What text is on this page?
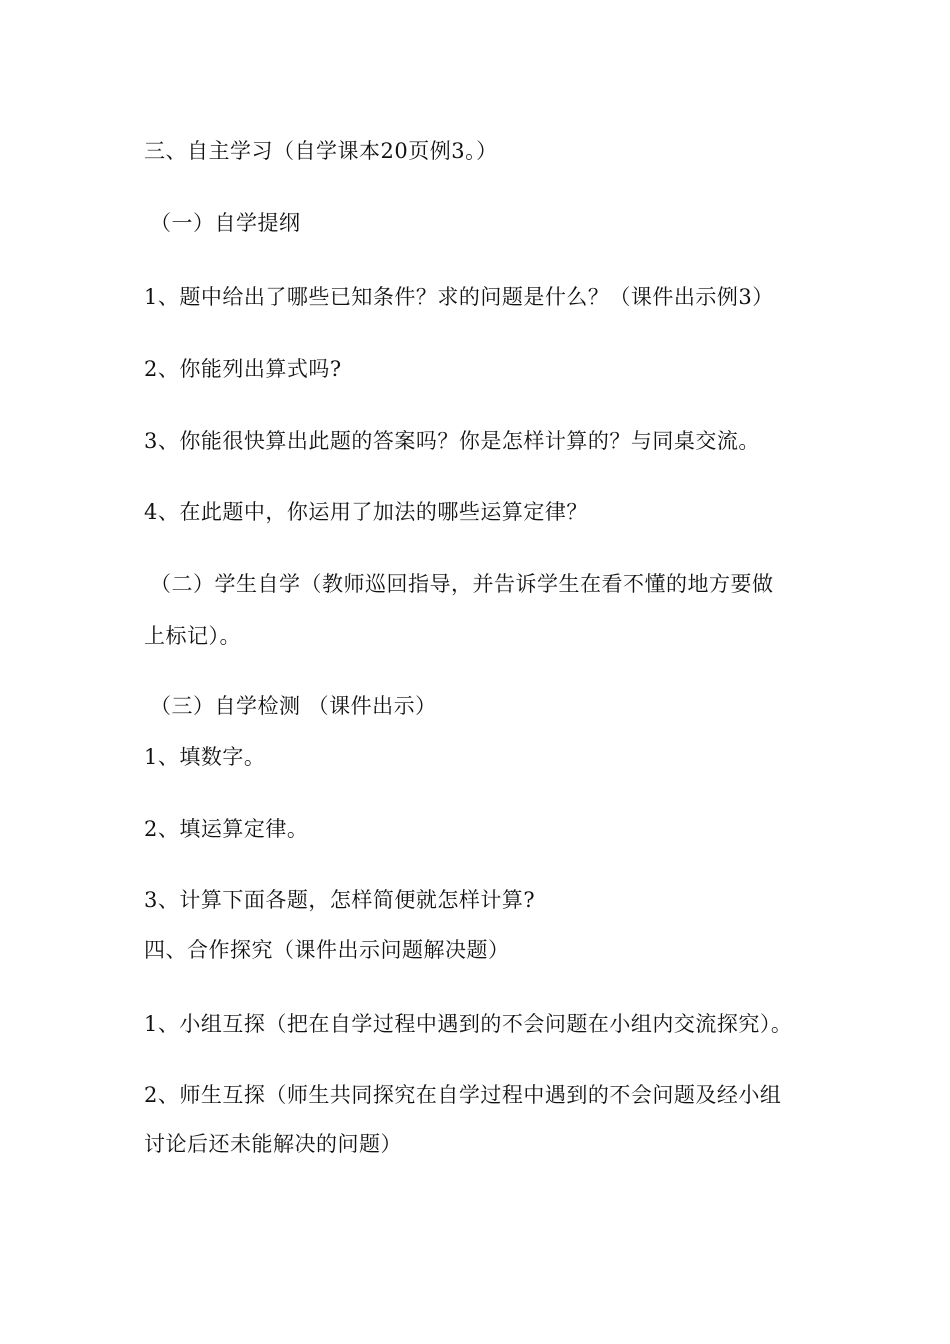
三、自主学习（自学课本20页例3。）
（一）自学提纲
1、题中给出了哪些已知条件？求的问题是什么？（课件出示例3）
2、你能列出算式吗?
3、你能很快算出此题的答案吗？你是怎样计算的？与同桌交流。
4、在此题中，你运用了加法的哪些运算定律？
（二）学生自学（教师巡回指导，并告诉学生在看不懂的地方要做
上标记）。
（三）自学检测 （课件出示）
1、填数字。
2、填运算定律。
3、计算下面各题，怎样简便就怎样计算?
四、合作探究（课件出示问题解决题）
1、小组互探（把在自学过程中遇到的不会问题在小组内交流探究）。
2、师生互探（师生共同探究在自学过程中遇到的不会问题及经小组
讨论后还未能解决的问题）
